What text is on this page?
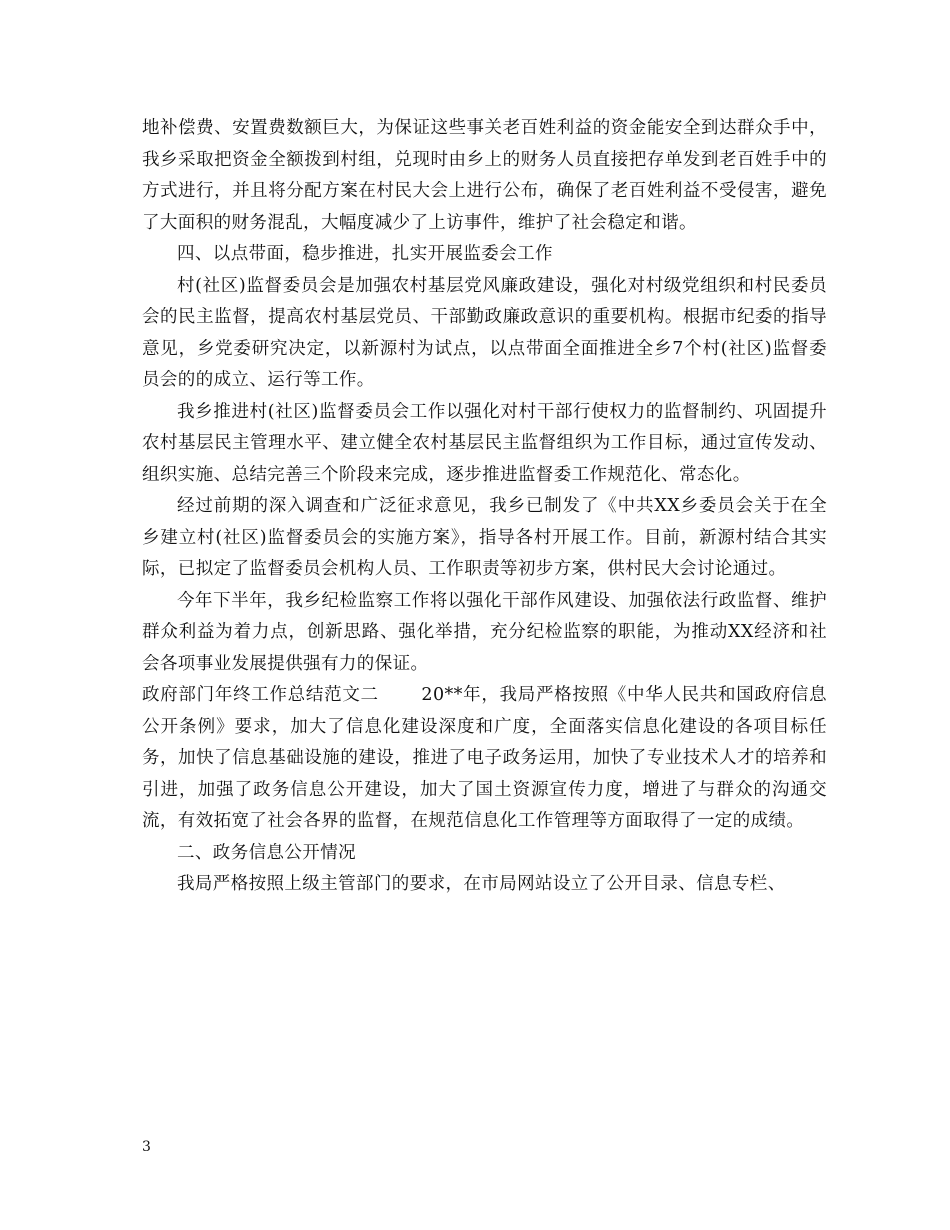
地补偿费、安置费数额巨大，为保证这些事关老百姓利益的资金能安全到达群众手中，我乡采取把资金全额拨到村组，兑现时由乡上的财务人员直接把存单发到老百姓手中的方式进行，并且将分配方案在村民大会上进行公布，确保了老百姓利益不受侵害，避免了大面积的财务混乱，大幅度减少了上访事件，维护了社会稳定和谐。

四、以点带面，稳步推进，扎实开展监委会工作

村(社区)监督委员会是加强农村基层党风廉政建设，强化对村级党组织和村民委员会的民主监督，提高农村基层党员、干部勤政廉政意识的重要机构。根据市纪委的指导意见，乡党委研究决定，以新源村为试点，以点带面全面推进全乡7个村(社区)监督委员会的的成立、运行等工作。

我乡推进村(社区)监督委员会工作以强化对村干部行使权力的监督制约、巩固提升农村基层民主管理水平、建立健全农村基层民主监督组织为工作目标，通过宣传发动、组织实施、总结完善三个阶段来完成，逐步推进监督委工作规范化、常态化。

经过前期的深入调查和广泛征求意见，我乡已制发了《中共XX乡委员会关于在全乡建立村(社区)监督委员会的实施方案》，指导各村开展工作。目前，新源村结合其实际，已拟定了监督委员会机构人员、工作职责等初步方案，供村民大会讨论通过。

今年下半年，我乡纪检监察工作将以强化干部作风建设、加强依法行政监督、维护群众利益为着力点，创新思路、强化举措，充分纪检监察的职能，为推动XX经济和社会各项事业发展提供强有力的保证。

政府部门年终工作总结范文二　　 20**年，我局严格按照《中华人民共和国政府信息公开条例》要求，加大了信息化建设深度和广度，全面落实信息化建设的各项目标任务，加快了信息基础设施的建设，推进了电子政务运用，加快了专业技术人才的培养和引进，加强了政务信息公开建设，加大了国土资源宣传力度，增进了与群众的沟通交流，有效拓宽了社会各界的监督，在规范信息化工作管理等方面取得了一定的成绩。

二、政务信息公开情况

我局严格按照上级主管部门的要求，在市局网站设立了公开目录、信息专栏、

3
